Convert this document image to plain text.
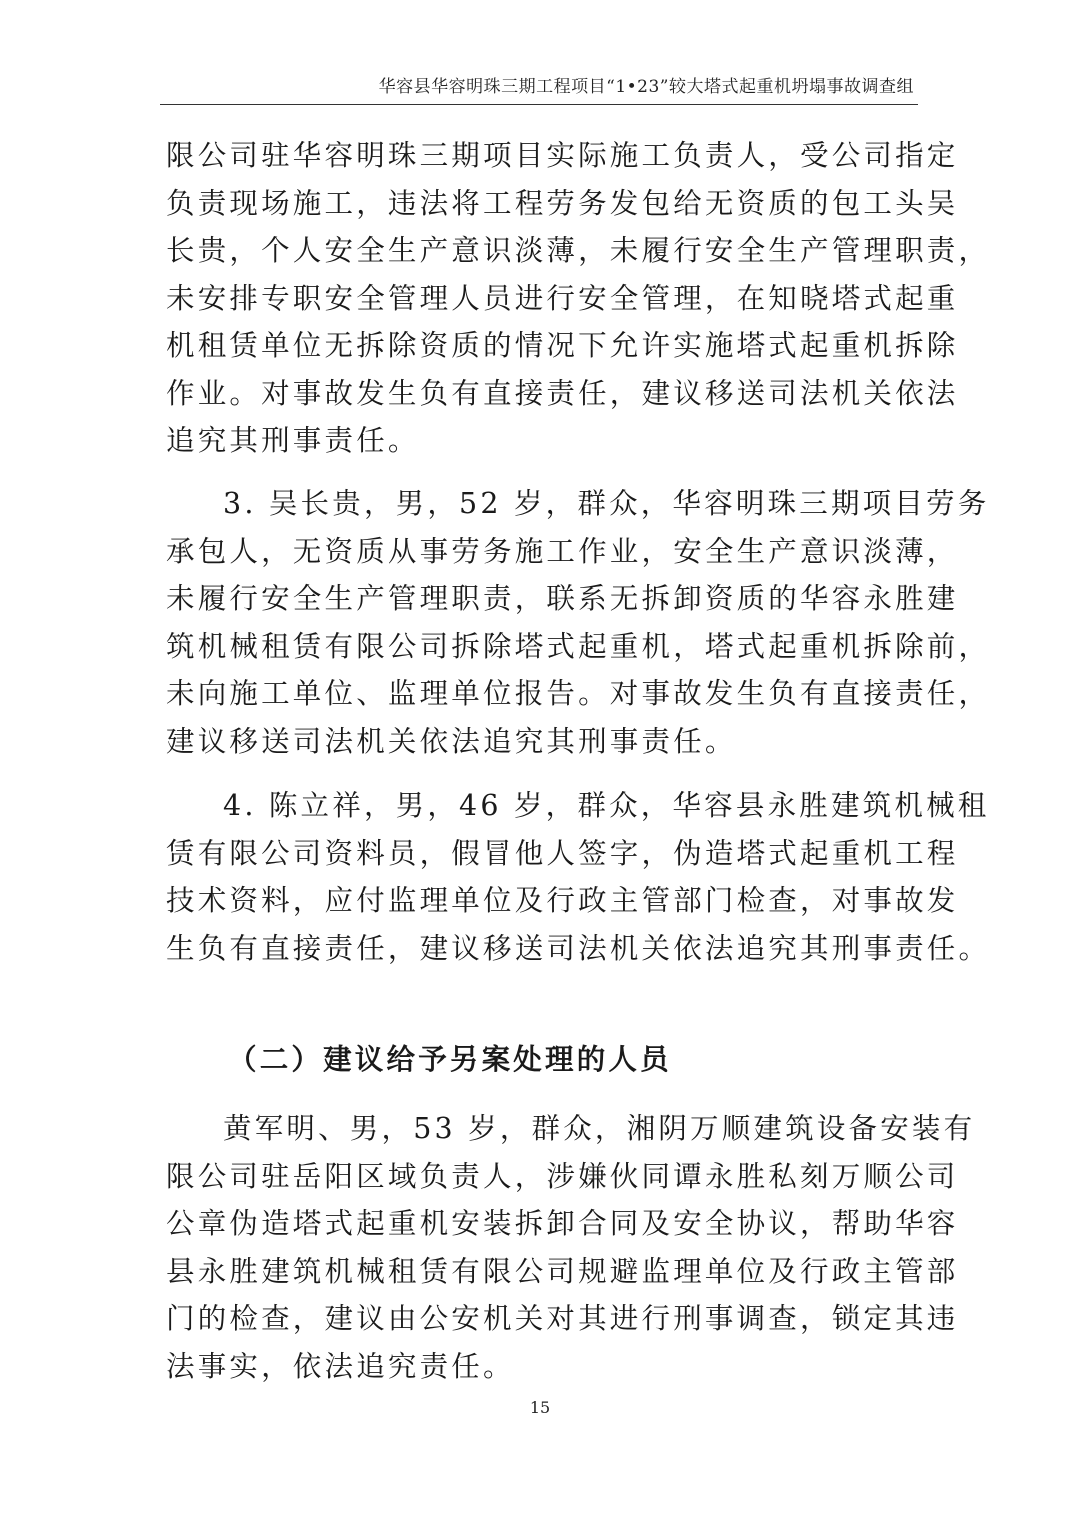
华容县华容明珠三期工程项目“1•23”较大塔式起重机坍塌事故调查组
限公司驻华容明珠三期项目实际施工负责人，受公司指定
负责现场施工，违法将工程劳务发包给无资质的包工头吴
长贵，个人安全生产意识淡薄，未履行安全生产管理职责，
未安排专职安全管理人员进行安全管理，在知晓塔式起重
机租赁单位无拆除资质的情况下允许实施塔式起重机拆除
作业。对事故发生负有直接责任，建议移送司法机关依法
追究其刑事责任。
3. 吴长贵，男，52 岁，群众，华容明珠三期项目劳务
承包人，无资质从事劳务施工作业，安全生产意识淡薄，
未履行安全生产管理职责，联系无拆卸资质的华容永胜建
筑机械租赁有限公司拆除塔式起重机，塔式起重机拆除前，
未向施工单位、监理单位报告。对事故发生负有直接责任，
建议移送司法机关依法追究其刑事责任。
4. 陈立祥，男，46 岁，群众，华容县永胜建筑机械租
赁有限公司资料员，假冒他人签字，伪造塔式起重机工程
技术资料，应付监理单位及行政主管部门检查，对事故发
生负有直接责任，建议移送司法机关依法追究其刑事责任。
（二）建议给予另案处理的人员
黄军明、男，53 岁，群众，湘阴万顺建筑设备安装有
限公司驻岳阳区域负责人，涉嫌伙同谭永胜私刻万顺公司
公章伪造塔式起重机安装拆卸合同及安全协议，帮助华容
县永胜建筑机械租赁有限公司规避监理单位及行政主管部
门的检查，建议由公安机关对其进行刑事调查，锁定其违
法事实，依法追究责任。
15
